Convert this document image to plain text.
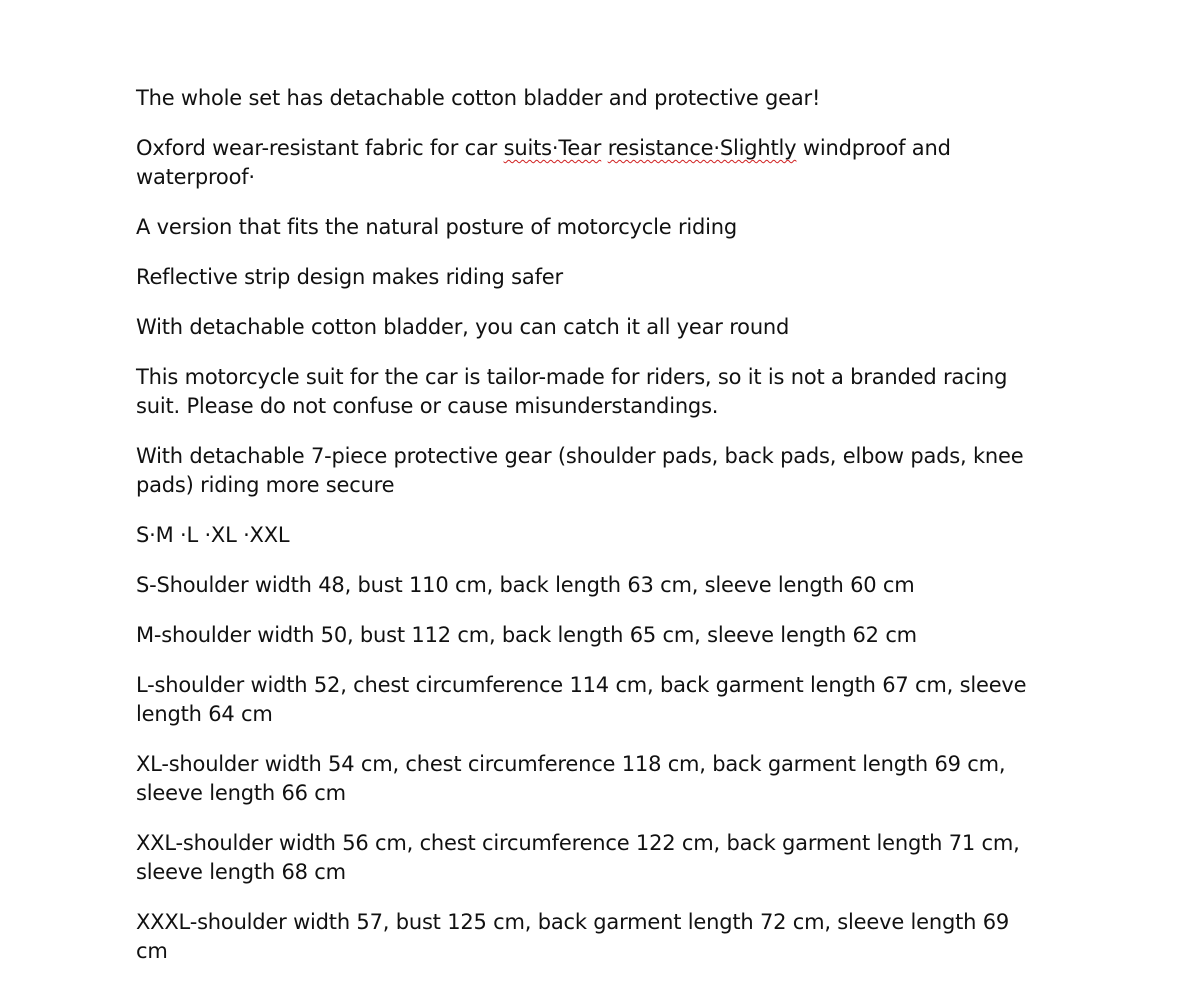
The whole set has detachable cotton bladder and protective gear!

Oxford wear-resistant fabric for car suits·Tear resistance·Slightly windproof and waterproof·

A version that fits the natural posture of motorcycle riding

Reflective strip design makes riding safer

With detachable cotton bladder, you can catch it all year round

This motorcycle suit for the car is tailor-made for riders, so it is not a branded racing suit. Please do not confuse or cause misunderstandings.

With detachable 7-piece protective gear (shoulder pads, back pads, elbow pads, knee pads) riding more secure

S·M ·L ·XL ·XXL

S-Shoulder width 48, bust 110 cm, back length 63 cm, sleeve length 60 cm

M-shoulder width 50, bust 112 cm, back length 65 cm, sleeve length 62 cm

L-shoulder width 52, chest circumference 114 cm, back garment length 67 cm, sleeve length 64 cm

XL-shoulder width 54 cm, chest circumference 118 cm, back garment length 69 cm, sleeve length 66 cm

XXL-shoulder width 56 cm, chest circumference 122 cm, back garment length 71 cm, sleeve length 68 cm

XXXL-shoulder width 57, bust 125 cm, back garment length 72 cm, sleeve length 69 cm
